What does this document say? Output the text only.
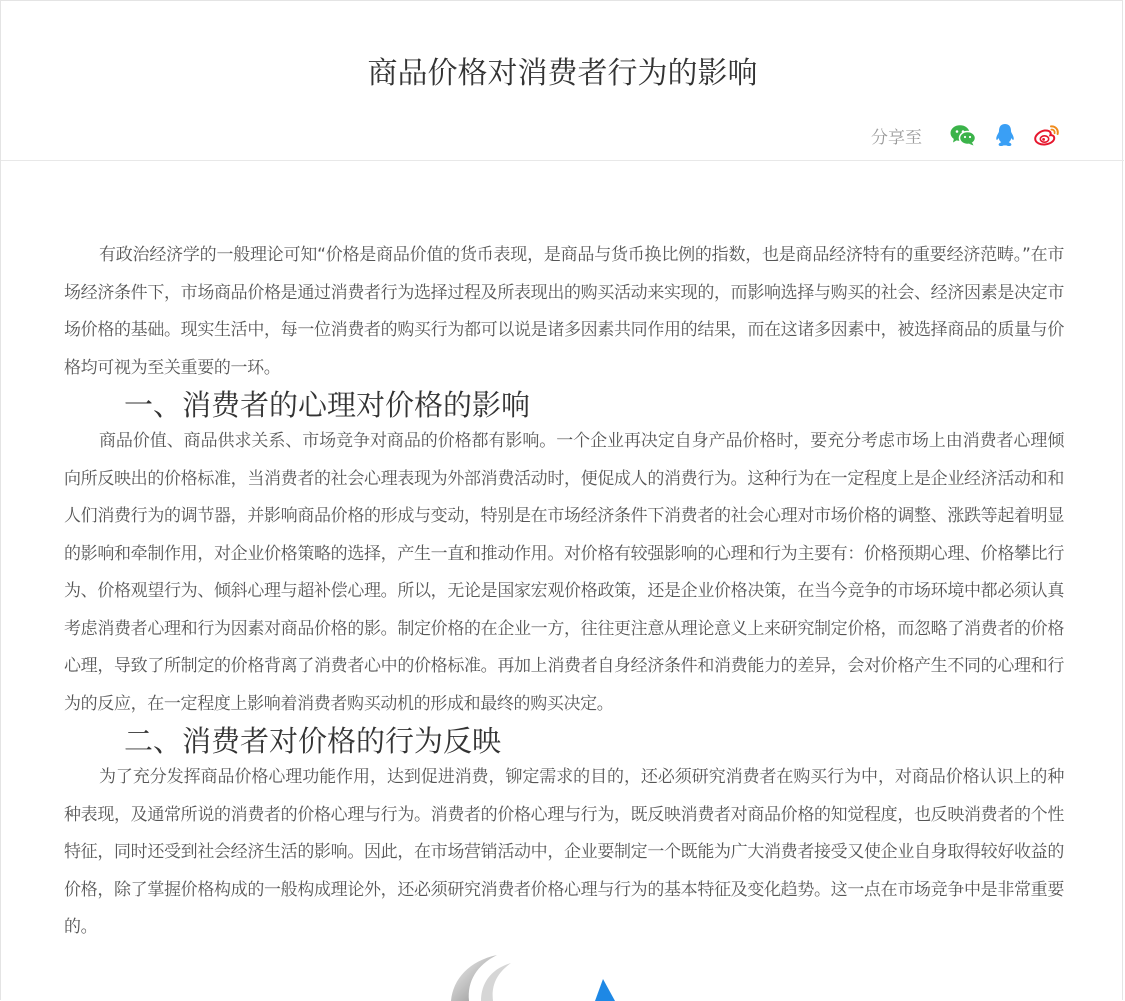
商品价格对消费者行为的影响
分享至

有政治经济学的一般理论可知“价格是商品价值的货币表现，是商品与货币换比例的指数，也是商品经济特有的重要经济范畴。”在市场经济条件下，市场商品价格是通过消费者行为选择过程及所表现出的购买活动来实现的，而影响选择与购买的社会、经济因素是决定市场价格的基础。现实生活中，每一位消费者的购买行为都可以说是诸多因素共同作用的结果，而在这诸多因素中，被选择商品的质量与价格均可视为至关重要的一环。

一、消费者的心理对价格的影响

商品价值、商品供求关系、市场竞争对商品的价格都有影响。一个企业再决定自身产品价格时，要充分考虑市场上由消费者心理倾向所反映出的价格标准，当消费者的社会心理表现为外部消费活动时，便促成人的消费行为。这种行为在一定程度上是企业经济活动和和人们消费行为的调节器，并影响商品价格的形成与变动，特别是在市场经济条件下消费者的社会心理对市场价格的调整、涨跌等起着明显的影响和牵制作用，对企业价格策略的选择，产生一直和推动作用。对价格有较强影响的心理和行为主要有：价格预期心理、价格攀比行为、价格观望行为、倾斜心理与超补偿心理。所以，无论是国家宏观价格政策，还是企业价格决策，在当今竞争的市场环境中都必须认真考虑消费者心理和行为因素对商品价格的影。制定价格的在企业一方，往往更注意从理论意义上来研究制定价格，而忽略了消费者的价格心理，导致了所制定的价格背离了消费者心中的价格标准。再加上消费者自身经济条件和消费能力的差异，会对价格产生不同的心理和行为的反应，在一定程度上影响着消费者购买动机的形成和最终的购买决定。

二、消费者对价格的行为反映

为了充分发挥商品价格心理功能作用，达到促进消费，铆定需求的目的，还必须研究消费者在购买行为中，对商品价格认识上的种种表现，及通常所说的消费者的价格心理与行为。消费者的价格心理与行为，既反映消费者对商品价格的知觉程度，也反映消费者的个性特征，同时还受到社会经济生活的影响。因此，在市场营销活动中，企业要制定一个既能为广大消费者接受又使企业自身取得较好收益的价格，除了掌握价格构成的一般构成理论外，还必须研究消费者价格心理与行为的基本特征及变化趋势。这一点在市场竞争中是非常重要的。
